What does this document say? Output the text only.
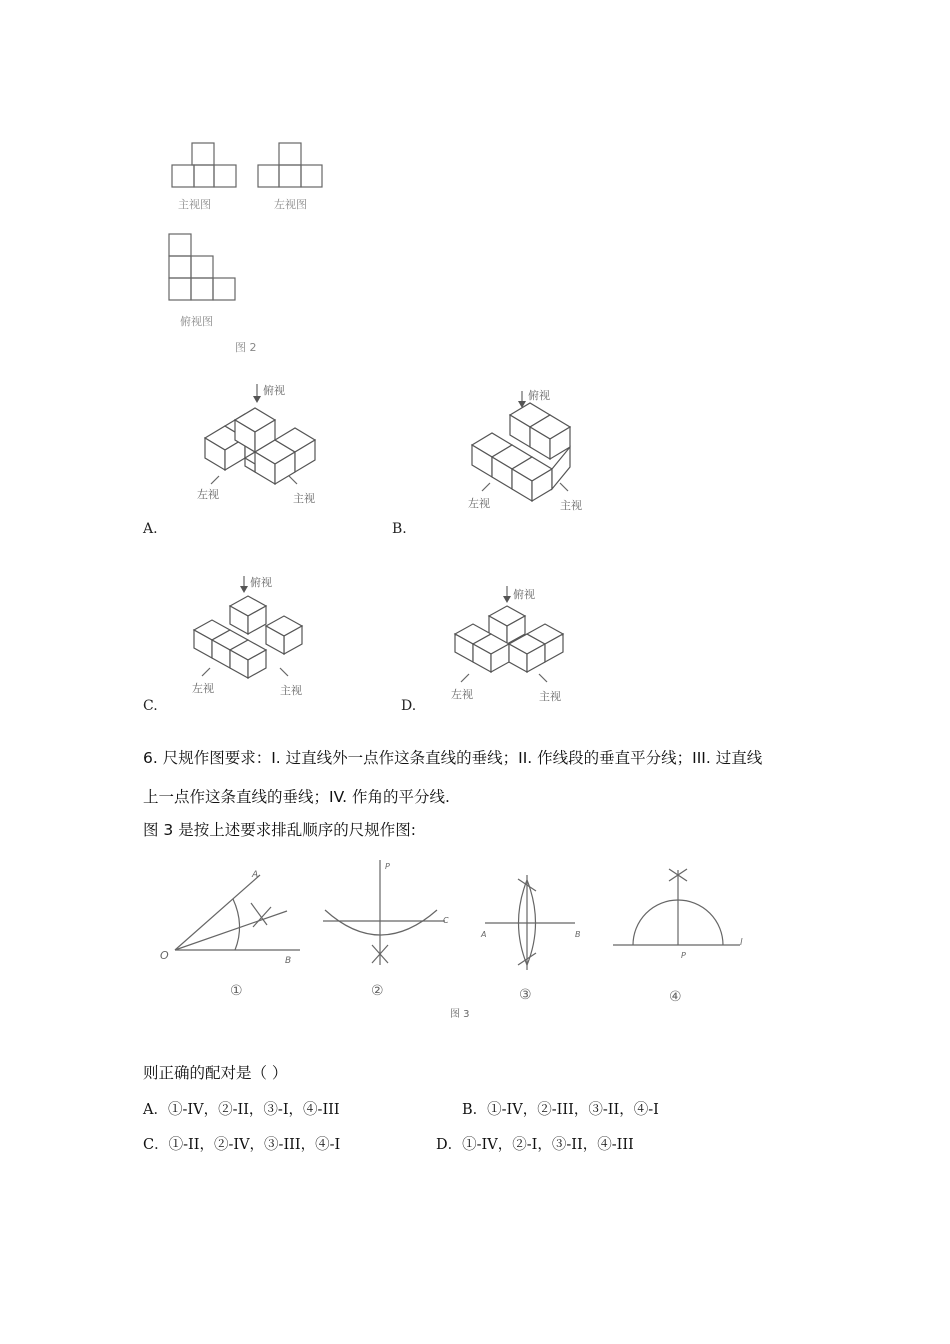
主视图	左视图
俯视图
图 2
俯视
左视	主视
A.
俯视
左视	主视
B.
俯视
左视	主视
C.
俯视
左视	主视
D.
6. 尺规作图要求：I. 过直线外一点作这条直线的垂线；II. 作线段的垂直平分线；III. 过直线
上一点作这条直线的垂线；IV. 作角的平分线.
图 3 是按上述要求排乱顺序的尺规作图:
O
A
B
P
C
A	B
P
l
①	②	③	④
图 3
则正确的配对是（ ）
A．①-IV，②-II，③-I，④-III	B．①-IV，②-III，③-II，④-I
C．①-II，②-IV，③-III，④-I	D．①-IV，②-I，③-II，④-III
